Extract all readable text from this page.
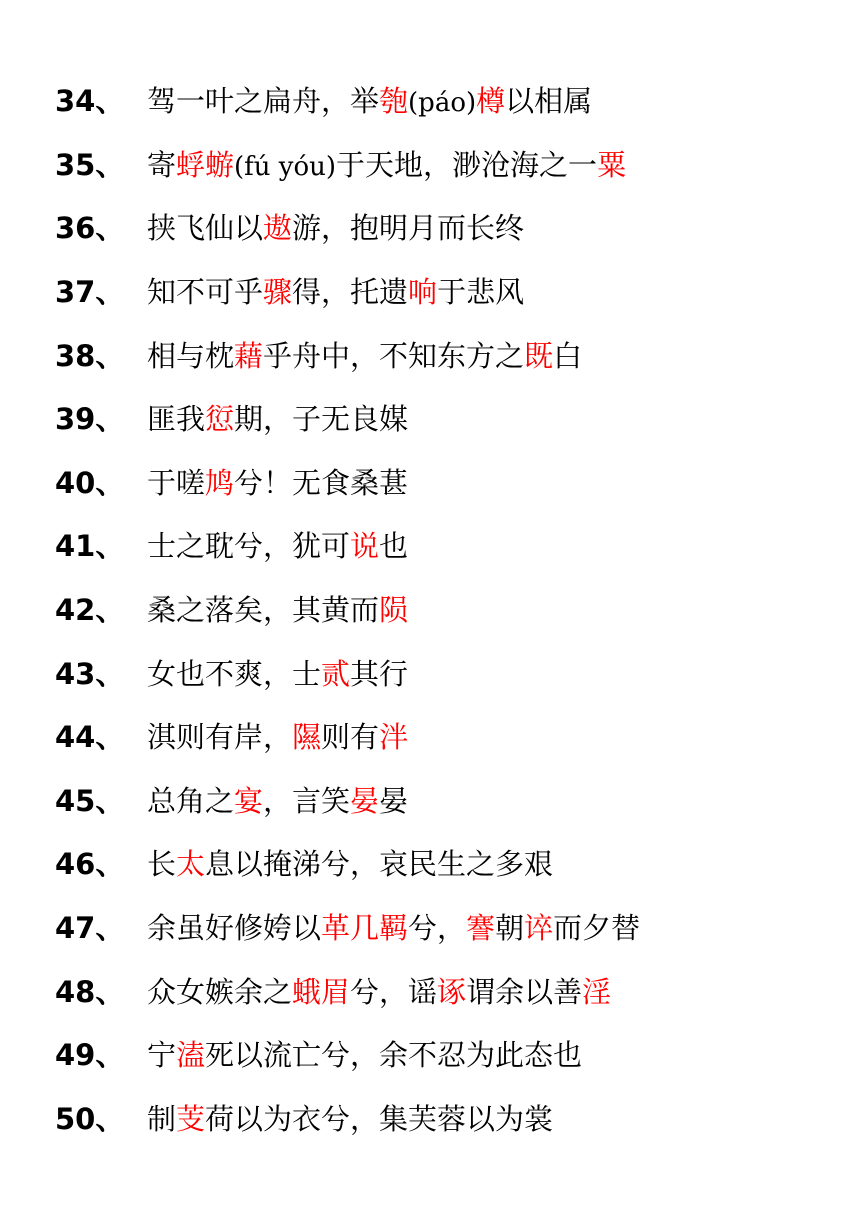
34、 驾一叶之扁舟，举匏(páo)樽以相属
35、 寄蜉蝣(fú yóu)于天地，渺沧海之一粟
36、 挟飞仙以遨游，抱明月而长终
37、 知不可乎骤得，托遗响于悲风
38、 相与枕藉乎舟中，不知东方之既白
39、 匪我愆期，子无良媒
40、 于嗟鸠兮！无食桑葚
41、 士之耽兮，犹可说也
42、 桑之落矣，其黄而陨
43、 女也不爽，士贰其行
44、 淇则有岸，隰则有泮
45、 总角之宴，言笑晏晏
46、 长太息以掩涕兮，哀民生之多艰
47、 余虽好修姱以革几羁兮，謇朝谇而夕替
48、 众女嫉余之蛾眉兮，谣诼谓余以善淫
49、 宁溘死以流亡兮，余不忍为此态也
50、 制芰荷以为衣兮，集芙蓉以为裳
